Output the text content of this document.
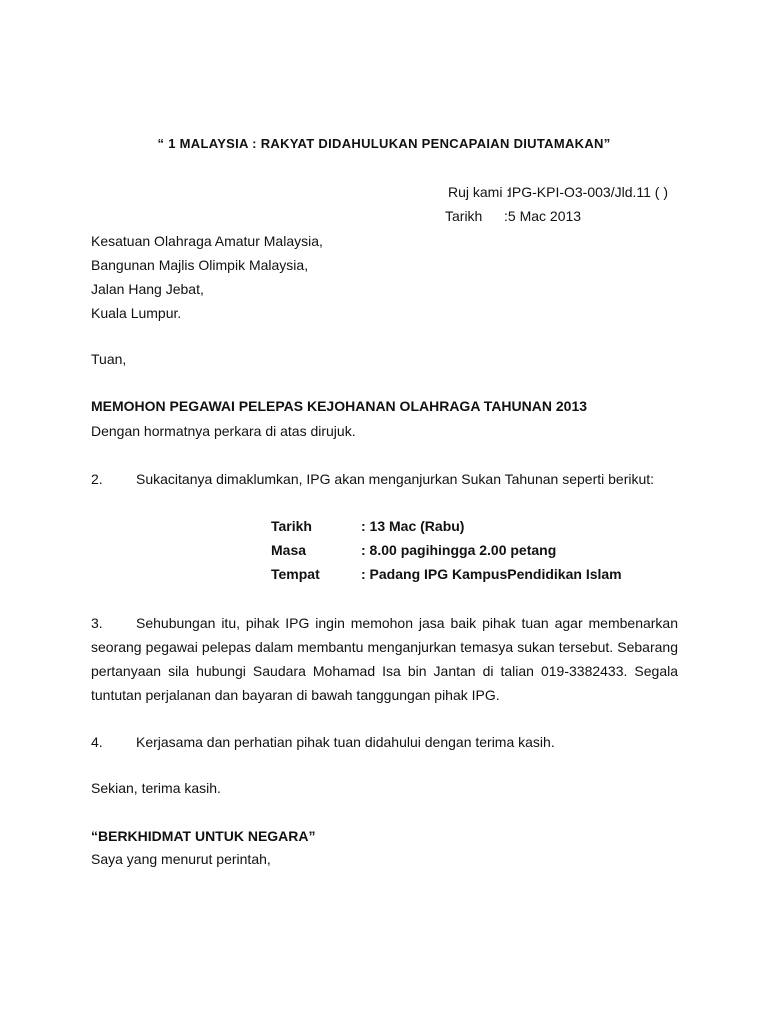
“ 1 MALAYSIA : RAKYAT DIDAHULUKAN PENCAPAIAN DIUTAMAKAN”
Ruj kami :
IPG-KPI-O3-003/Jld.11 ( )
Tarikh :5 Mac 2013
Kesatuan Olahraga Amatur Malaysia,
Bangunan Majlis Olimpik Malaysia,
Jalan Hang Jebat,
Kuala Lumpur.
Tuan,
MEMOHON PEGAWAI PELEPAS KEJOHANAN OLAHRAGA TAHUNAN 2013
Dengan hormatnya perkara di atas dirujuk.
2. Sukacitanya dimaklumkan, IPG akan menganjurkan Sukan Tahunan seperti berikut:
Tarikh	: 13 Mac (Rabu)
Masa	: 8.00 pagihingga 2.00 petang
Tempat	: Padang IPG KampusPendidikan Islam
3. Sehubungan itu, pihak IPG ingin memohon jasa baik pihak tuan agar membenarkan seorang pegawai pelepas dalam membantu menganjurkan temasya sukan tersebut. Sebarang pertanyaan sila hubungi Saudara Mohamad Isa bin Jantan di talian 019-3382433. Segala tuntutan perjalanan dan bayaran di bawah tanggungan pihak IPG.
4. Kerjasama dan perhatian pihak tuan didahului dengan terima kasih.
Sekian, terima kasih.
“BERKHIDMAT UNTUK NEGARA”
Saya yang menurut perintah,
